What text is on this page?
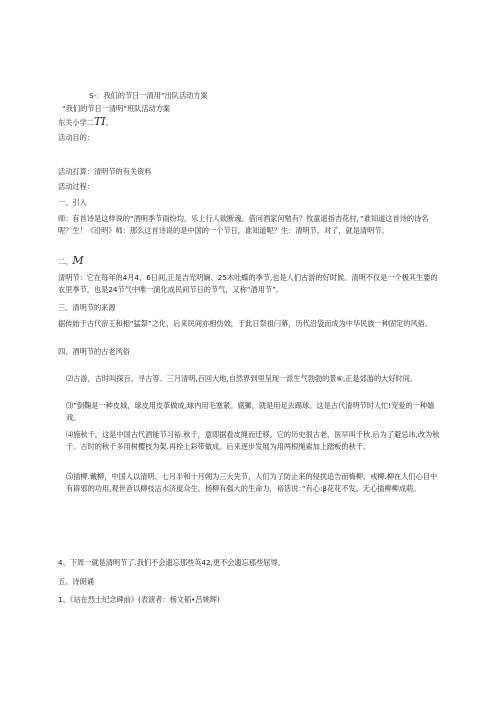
S-：我们的节日一清用”出队活动方案
“我们的节日一清明”班队活动方案
东关小学二TI。
活动目的：
活动打算：清明节的有关资料
活动过程：
一、引入
师：有首诗是这样说的“酒明季节雨纷均，乐上行人欲断魂。借问酒家何勉有？牧童遥指杏花村，”谁知道这首诗的诗名呢？生！《沿明》师：那么这首诗说的是中国的一个节日，谁知道呢？生：清明节。对了，就是清明节。
二、M
清明节：它在每年的4月4、6日间,正是吉光明娴、25木吐蝶的季节,也是人们古游的好时候。清明不仅是一个极其生要的农里季节，也是24节气中唯一演化成民间节日的节气，又称“酒用节”。
三、清明节的来源
据传始于古代帝王和相“猛祭”之化，后来民间亦相仿效，于此日祭祖闩幕，历代沿袋而成为中华民族一种固定的风俗。
四、酒明节的古老风俗
⑵古游，古时叫探百、寻古等。三月清明,百回大地,自然界到里呈现一派生气勃勃的景⑥,正是郊游的大好时间。
⑶”倒鞠是一种皮城，球皮用皮革做成,球内用毛塞紧。腐狮，就是用足去踢球。这是古代清明节时人忙!宠爱的一种嬉戏。
⑷施秋千。这是中国古代酒能节习裕.秋千，意即据看皮绳而迁移。它的历史很古老，医早叫千秋.后为了避忌讳,改为秋千。古时的秋千多用树樱枝为架.再栓上彩带做成。后来逐步发展为用两根绳索加上踏板的秋千。
⑸插柳.戴柳，中国人以清明、七月半和十月朔为三大先节，人们为了防止来的侵扰追告而梅柳、戒柳.柳在人们心目中有辟邪的功用,观世音以柳枝沾水济度众生。杨柳有强大的生命力，裕话说：”有心:β花花不发，无心插柳柳成萌。
4、下周一就是清明节了.我们不会遗忘那些英42,更不会遗忘那些屈辱。
五、诗朗诵
1、《站在烈士纪念碑前》(表演者：杨文韬•吕姚辉)
